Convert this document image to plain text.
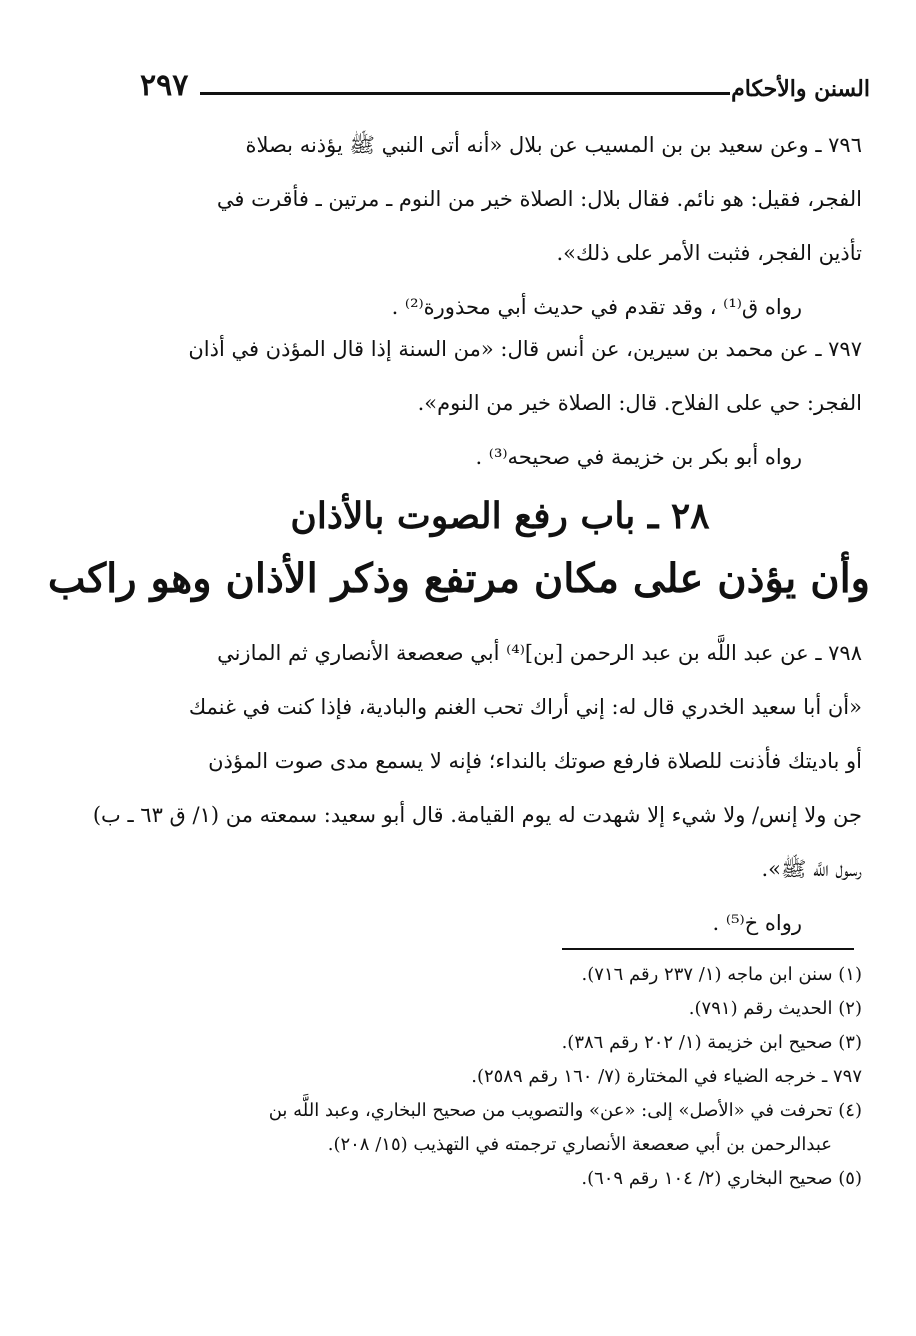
السنن والأحكام
٢٩٧
٧٩٦ ـ وعن سعيد بن بن المسيب عن بلال «أنه أتى النبي ﷺ يؤذنه بصلاة
الفجر، فقيل: هو نائم. فقال بلال: الصلاة خير من النوم ـ مرتين ـ فأقرت في
تأذين الفجر، فثبت الأمر على ذلك».
رواه ق⁽¹⁾ ، وقد تقدم في حديث أبي محذورة⁽²⁾ .
٧٩٧ ـ عن محمد بن سيرين، عن أنس قال: «من السنة إذا قال المؤذن في أذان
الفجر: حي على الفلاح. قال: الصلاة خير من النوم».
رواه أبو بكر بن خزيمة في صحيحه⁽³⁾ .
٢٨ ـ باب رفع الصوت بالأذان
وأن يؤذن على مكان مرتفع وذكر الأذان وهو راكب
٧٩٨ ـ عن عبد اللَّه بن عبد الرحمن [بن]⁽⁴⁾ أبي صعصعة الأنصاري ثم المازني
«أن أبا سعيد الخدري قال له: إني أراك تحب الغنم والبادية، فإذا كنت في غنمك
أو باديتك فأذنت للصلاة فارفع صوتك بالنداء؛ فإنه لا يسمع مدى صوت المؤذن
جن ولا إنس/ ولا شيء إلا شهدت له يوم القيامة. قال أبو سعيد: سمعته من (١/ ق ٦٣ ـ ب)
رسول اللَّه ﷺ».
رواه خ⁽⁵⁾ .
(١) سنن ابن ماجه (١/ ٢٣٧ رقم ٧١٦).
(٢) الحديث رقم (٧٩١).
(٣) صحيح ابن خزيمة (١/ ٢٠٢ رقم ٣٨٦).
٧٩٧ ـ خرجه الضياء في المختارة (٧/ ١٦٠ رقم ٢٥٨٩).
(٤) تحرفت في «الأصل» إلى: «عن» والتصويب من صحيح البخاري، وعبد اللَّه بن
عبدالرحمن بن أبي صعصعة الأنصاري ترجمته في التهذيب (١٥/ ٢٠٨).
(٥) صحيح البخاري (٢/ ١٠٤ رقم ٦٠٩).
